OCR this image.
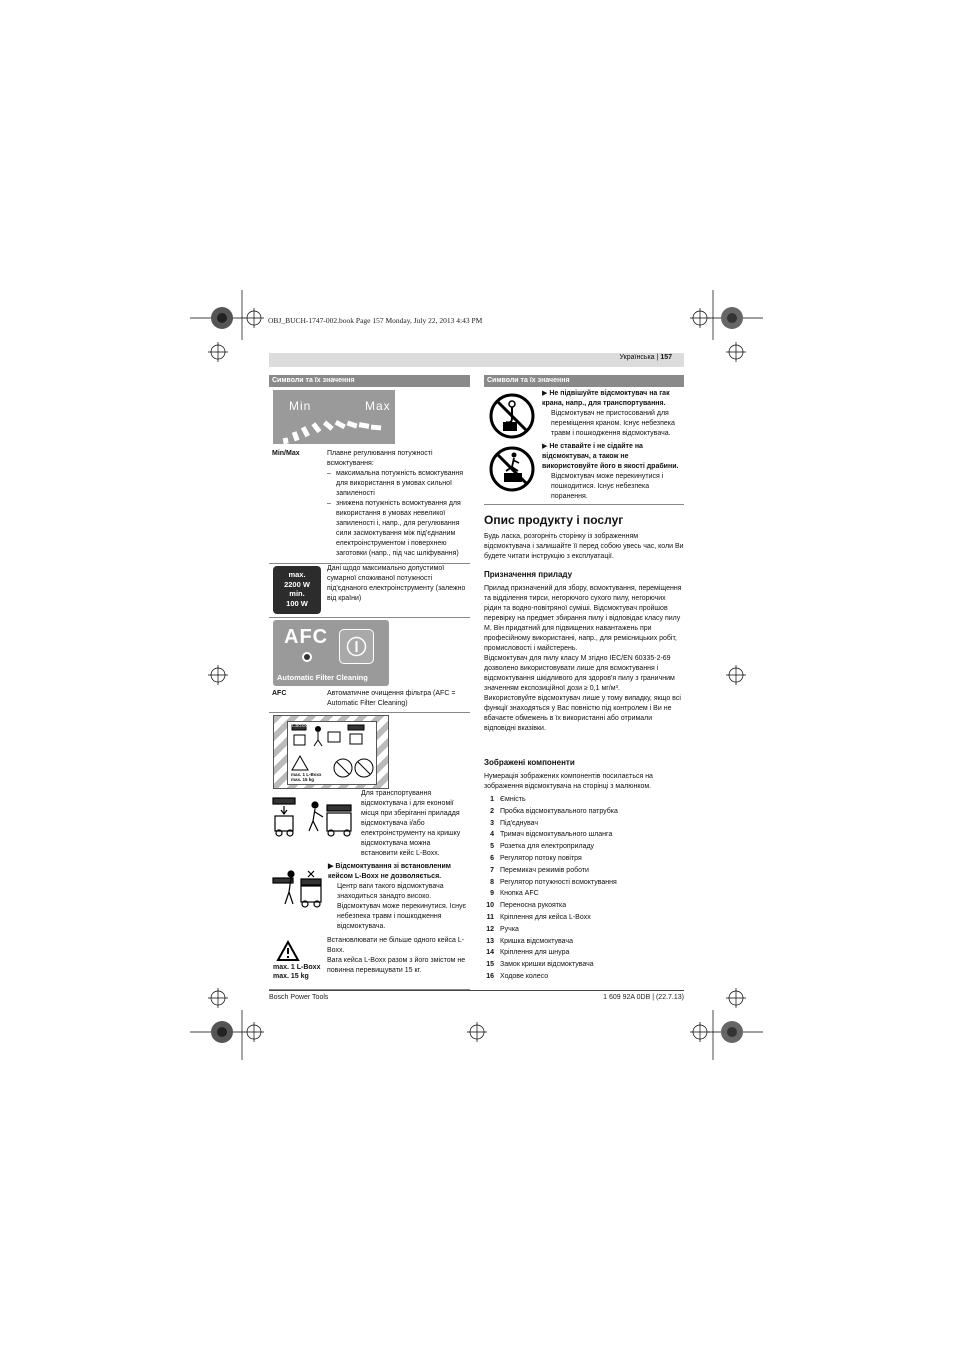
OBJ_BUCH-1747-002.book Page 157 Monday, July 22, 2013 4:43 PM
Українська | 157
Символи та їх значення
Min	Max
Min/Max	Плавне регулювання потужності всмоктування:
– максимальна потужність всмоктування для використання в умовах сильної запиленості
– знижена потужність всмоктування для використання в умовах невеликої запиленості і, напр., для регулювання сили засмоктування між під'єднаним електроінструментом і поверхнею заготовки (напр., під час шліфування)
max.
2200 W
min.
100 W
Дані щодо максимально допустимої сумарної споживаної потужності під'єднаного електроінструменту (залежно від країни)
AFC
Automatic Filter Cleaning
AFC	Автоматичне очищення фільтра (AFC = Automatic Filter Cleaning)
L-BOXX
max. 1 L-Boxx
max. 15 kg
Для транспортування відсмоктувача і для економії місця при зберіганні приладдя відсмоктувача і/або електроінструменту на кришку відсмоктувача можна встановити кейс L-Boxx.
▶ Відсмоктування зі встановленим кейсом L-Boxx не дозволяється.
Центр ваги такого відсмоктувача знаходиться занадто високо. Відсмоктувач може перекинутися. Існує небезпека травм і пошкодження відсмоктувача.
max. 1 L-Boxx
max. 15 kg
Встановлювати не більше одного кейса L-Boxx.
Вага кейса L-Boxx разом з його змістом не повинна перевищувати 15 кг.
Символи та їх значення
▶ Не підвішуйте відсмоктувач на гак крана, напр., для транспортування.
Відсмоктувач не пристосований для переміщення краном. Існує небезпека травм і пошкодження відсмоктувача.
▶ Не ставайте і не сідайте на відсмоктувач, а також не використовуйте його в якості драбини.
Відсмоктувач може перекинутися і пошкодитися. Існує небезпека поранення.
Опис продукту і послуг
Будь ласка, розгорніть сторінку із зображенням відсмоктувача і залишайте її перед собою увесь час, коли Ви будете читати інструкцію з експлуатації.
Призначення приладу
Прилад призначений для збору, всмоктування, переміщення та відділення тирси, негорючого сухого пилу, негорючих рідин та водно-повітряної суміші. Відсмоктувач пройшов перевірку на предмет збирання пилу і відповідає класу пилу M. Він придатний для підвищених навантажень при професійному використанні, напр., для ремісницьких робіт, промисловості і майстерень.
Відсмоктувач для пилу класу M згідно IEC/EN 60335-2-69 дозволено використовувати лише для всмоктування і відсмоктування шкідливого для здоров'я пилу з граничним значенням експозиційної дози ≥ 0,1 мг/м³.
Використовуйте відсмоктувач лише у тому випадку, якщо всі функції знаходяться у Вас повністю під контролем і Ви не вбачаєте обмежень в їх використанні або отримали відповідні вказівки.
Зображені компоненти
Нумерація зображених компонентів посилається на зображення відсмоктувача на сторінці з малюнком.
1 Ємність
2 Пробка відсмоктувального патрубка
3 Під'єднувач
4 Тримач відсмоктувального шланга
5 Розетка для електроприладу
6 Регулятор потоку повітря
7 Перемикач режимів роботи
8 Регулятор потужності всмоктування
9 Кнопка AFC
10 Переносна рукоятка
11 Кріплення для кейса L-Boxx
12 Ручка
13 Кришка відсмоктувача
14 Кріплення для шнура
15 Замок кришки відсмоктувача
16 Ходове колесо
Bosch Power Tools	1 609 92A 0DB | (22.7.13)
